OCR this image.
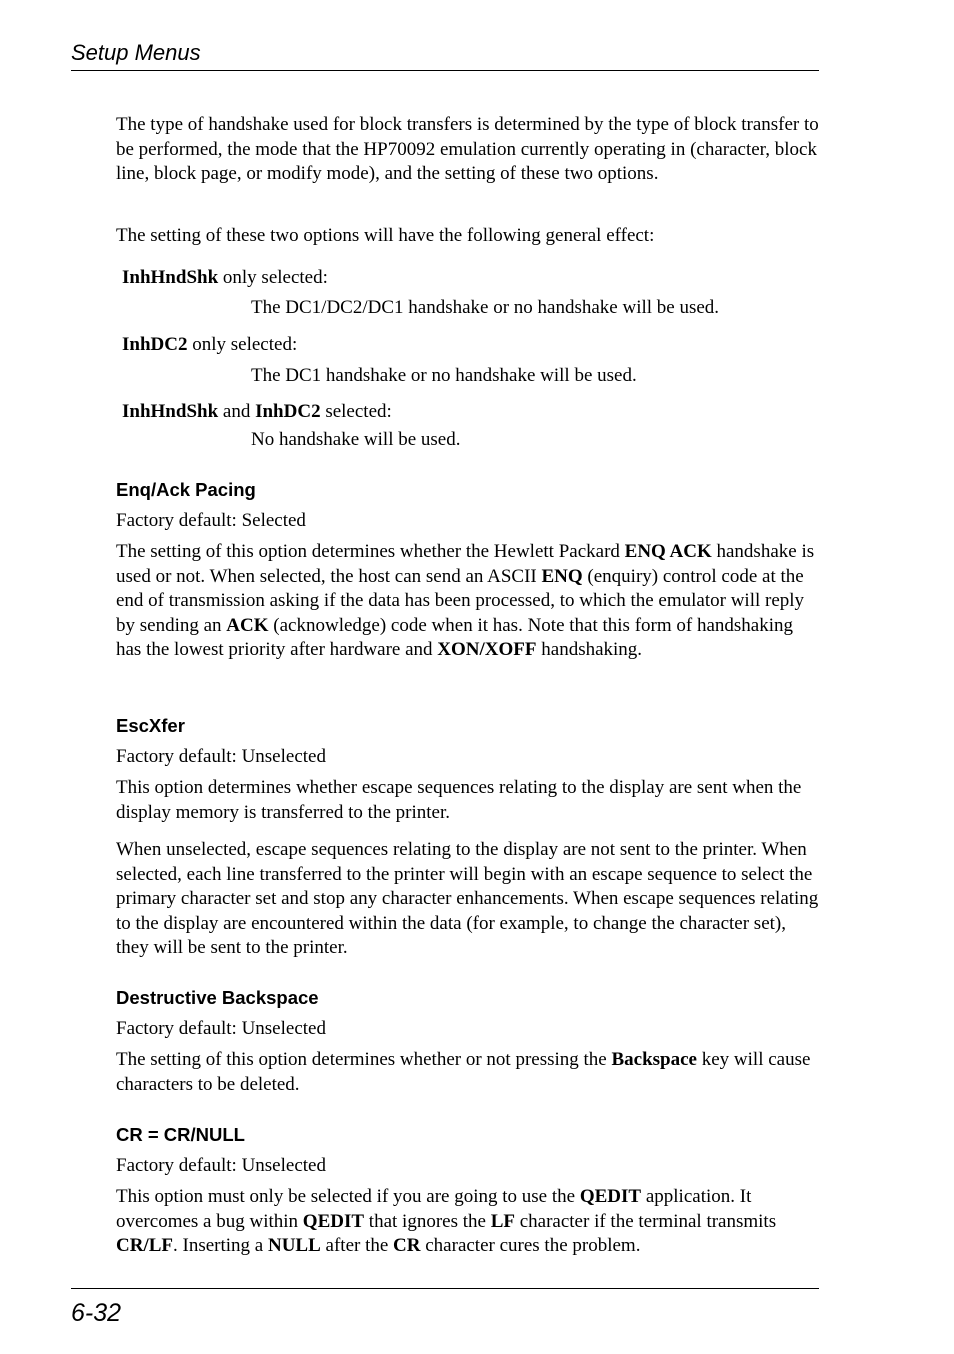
Setup Menus

The type of handshake used for block transfers is determined by the type of block transfer to be performed, the mode that the HP70092 emulation currently operating in (character, block line, block page, or modify mode), and the setting of these two options.

The setting of these two options will have the following general effect:

InhHndShk only selected:

The DC1/DC2/DC1 handshake or no handshake will be used.

InhDC2 only selected:

The DC1 handshake or no handshake will be used.

InhHndShk and InhDC2 selected:

No handshake will be used.

Enq/Ack Pacing

Factory default: Selected

The setting of this option determines whether the Hewlett Packard ENQ ACK handshake is used or not. When selected, the host can send an ASCII ENQ (enquiry) control code at the end of transmission asking if the data has been processed, to which the emulator will reply by sending an ACK (acknowledge) code when it has. Note that this form of handshaking has the lowest priority after hardware and XON/XOFF handshaking.

EscXfer

Factory default: Unselected

This option determines whether escape sequences relating to the display are sent when the display memory is transferred to the printer.

When unselected, escape sequences relating to the display are not sent to the printer. When selected, each line transferred to the printer will begin with an escape sequence to select the primary character set and stop any character enhancements. When escape sequences relating to the display are encountered within the data (for example, to change the character set), they will be sent to the printer.

Destructive Backspace

Factory default: Unselected

The setting of this option determines whether or not pressing the Backspace key will cause characters to be deleted.

CR = CR/NULL

Factory default: Unselected

This option must only be selected if you are going to use the QEDIT application. It overcomes a bug within QEDIT that ignores the LF character if the terminal transmits CR/LF. Inserting a NULL after the CR character cures the problem.

6-32
